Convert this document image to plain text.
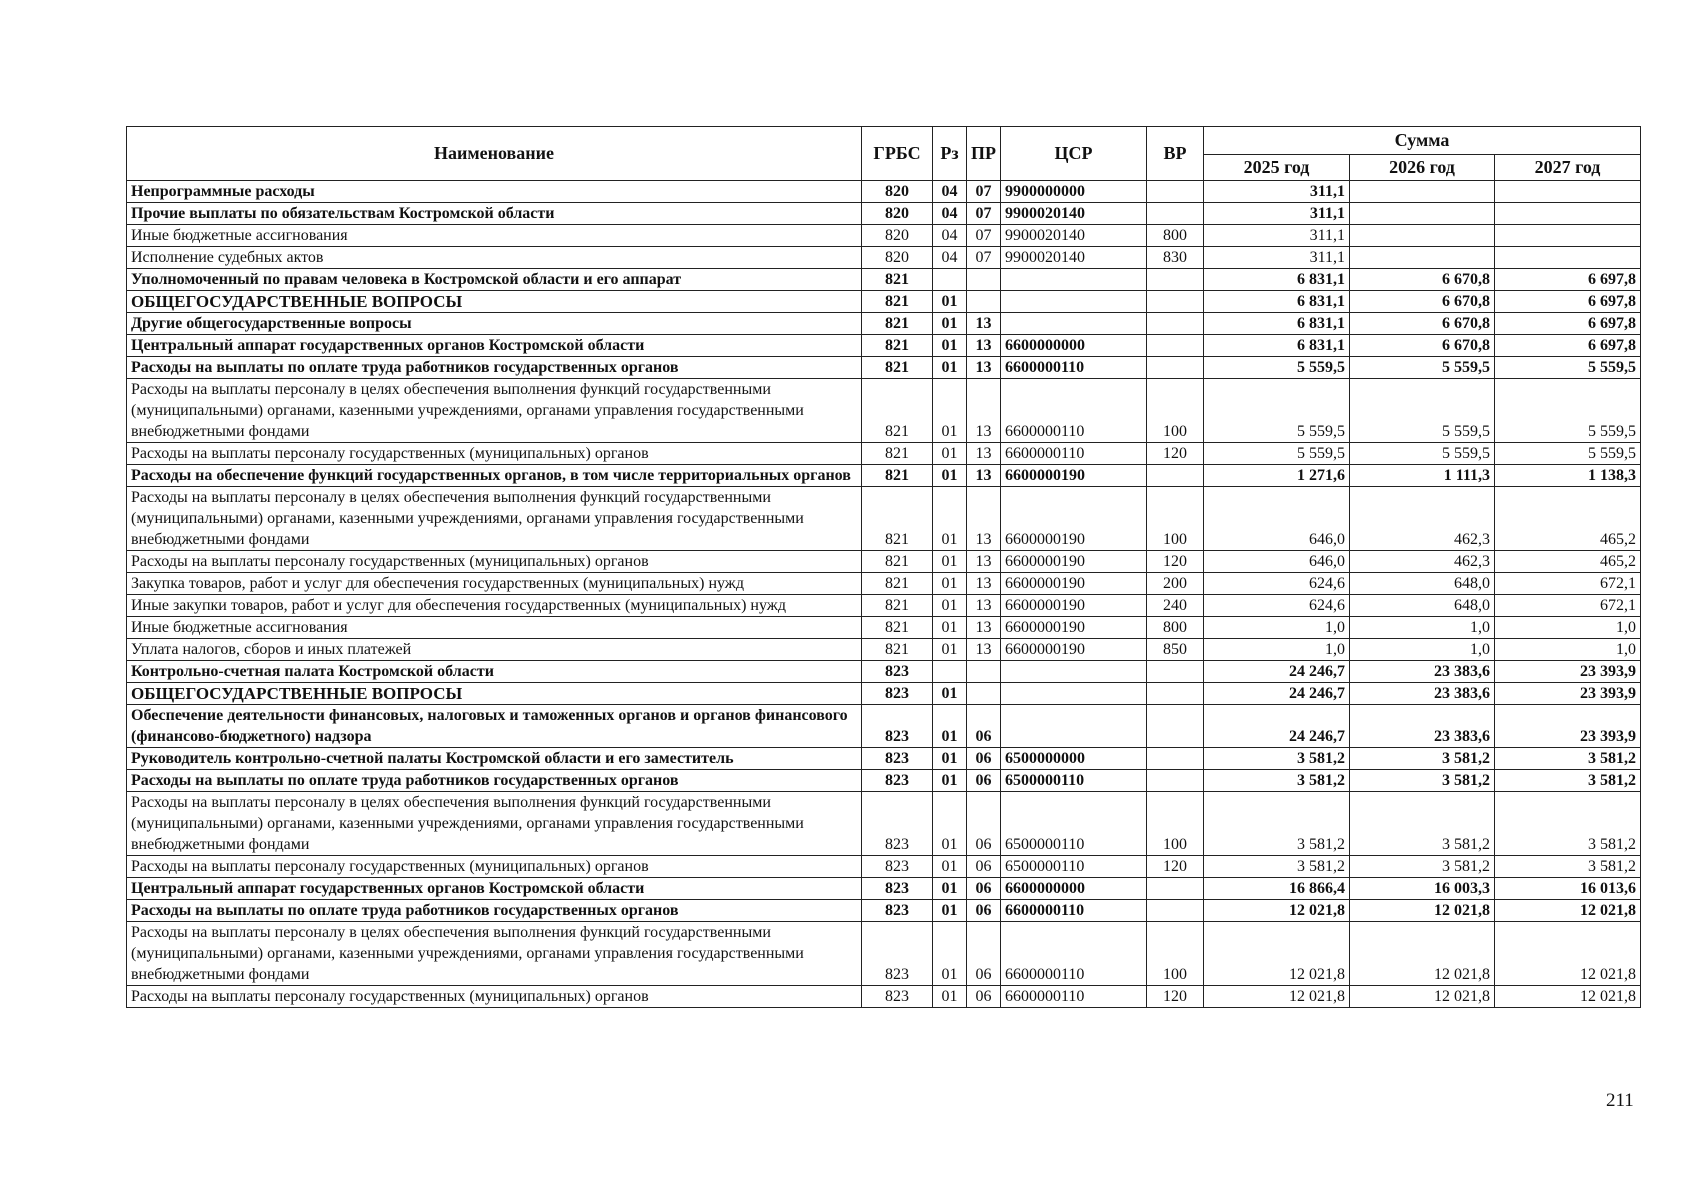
Наименование	ГРБС	Рз	ПР	ЦСР	ВР	Сумма		
						2025 год	2026 год	2027 год
Непрограммные расходы	820	04	07	9900000000		311,1		
Прочие выплаты по обязательствам Костромской области	820	04	07	9900020140		311,1		
Иные бюджетные ассигнования	820	04	07	9900020140	800	311,1		
Исполнение судебных актов	820	04	07	9900020140	830	311,1		
Уполномоченный по правам человека в Костромской области и его аппарат	821					6 831,1	6 670,8	6 697,8
ОБЩЕГОСУДАРСТВЕННЫЕ ВОПРОСЫ	821	01				6 831,1	6 670,8	6 697,8
Другие общегосударственные вопросы	821	01	13			6 831,1	6 670,8	6 697,8
Центральный аппарат государственных органов Костромской области	821	01	13	6600000000		6 831,1	6 670,8	6 697,8
Расходы на выплаты по оплате труда работников государственных органов	821	01	13	6600000110		5 559,5	5 559,5	5 559,5
Расходы на выплаты персоналу в целях обеспечения выполнения функций государственными (муниципальными) органами, казенными учреждениями, органами управления государственными внебюджетными фондами	821	01	13	6600000110	100	5 559,5	5 559,5	5 559,5
Расходы на выплаты персоналу государственных (муниципальных) органов	821	01	13	6600000110	120	5 559,5	5 559,5	5 559,5
Расходы на обеспечение функций государственных органов, в том числе территориальных органов	821	01	13	6600000190		1 271,6	1 111,3	1 138,3
Расходы на выплаты персоналу в целях обеспечения выполнения функций государственными (муниципальными) органами, казенными учреждениями, органами управления государственными внебюджетными фондами	821	01	13	6600000190	100	646,0	462,3	465,2
Расходы на выплаты персоналу государственных (муниципальных) органов	821	01	13	6600000190	120	646,0	462,3	465,2
Закупка товаров, работ и услуг для обеспечения государственных (муниципальных) нужд	821	01	13	6600000190	200	624,6	648,0	672,1
Иные закупки товаров, работ и услуг для обеспечения государственных (муниципальных) нужд	821	01	13	6600000190	240	624,6	648,0	672,1
Иные бюджетные ассигнования	821	01	13	6600000190	800	1,0	1,0	1,0
Уплата налогов, сборов и иных платежей	821	01	13	6600000190	850	1,0	1,0	1,0
Контрольно-счетная палата Костромской области	823					24 246,7	23 383,6	23 393,9
ОБЩЕГОСУДАРСТВЕННЫЕ ВОПРОСЫ	823	01				24 246,7	23 383,6	23 393,9
Обеспечение деятельности финансовых, налоговых и таможенных органов и органов финансового (финансово-бюджетного) надзора	823	01	06			24 246,7	23 383,6	23 393,9
Руководитель контрольно-счетной палаты Костромской области и его заместитель	823	01	06	6500000000		3 581,2	3 581,2	3 581,2
Расходы на выплаты по оплате труда работников государственных органов	823	01	06	6500000110		3 581,2	3 581,2	3 581,2
Расходы на выплаты персоналу в целях обеспечения выполнения функций государственными (муниципальными) органами, казенными учреждениями, органами управления государственными внебюджетными фондами	823	01	06	6500000110	100	3 581,2	3 581,2	3 581,2
Расходы на выплаты персоналу государственных (муниципальных) органов	823	01	06	6500000110	120	3 581,2	3 581,2	3 581,2
Центральный аппарат государственных органов Костромской области	823	01	06	6600000000		16 866,4	16 003,3	16 013,6
Расходы на выплаты по оплате труда работников государственных органов	823	01	06	6600000110		12 021,8	12 021,8	12 021,8
Расходы на выплаты персоналу в целях обеспечения выполнения функций государственными (муниципальными) органами, казенными учреждениями, органами управления государственными внебюджетными фондами	823	01	06	6600000110	100	12 021,8	12 021,8	12 021,8
Расходы на выплаты персоналу государственных (муниципальных) органов	823	01	06	6600000110	120	12 021,8	12 021,8	12 021,8
211
